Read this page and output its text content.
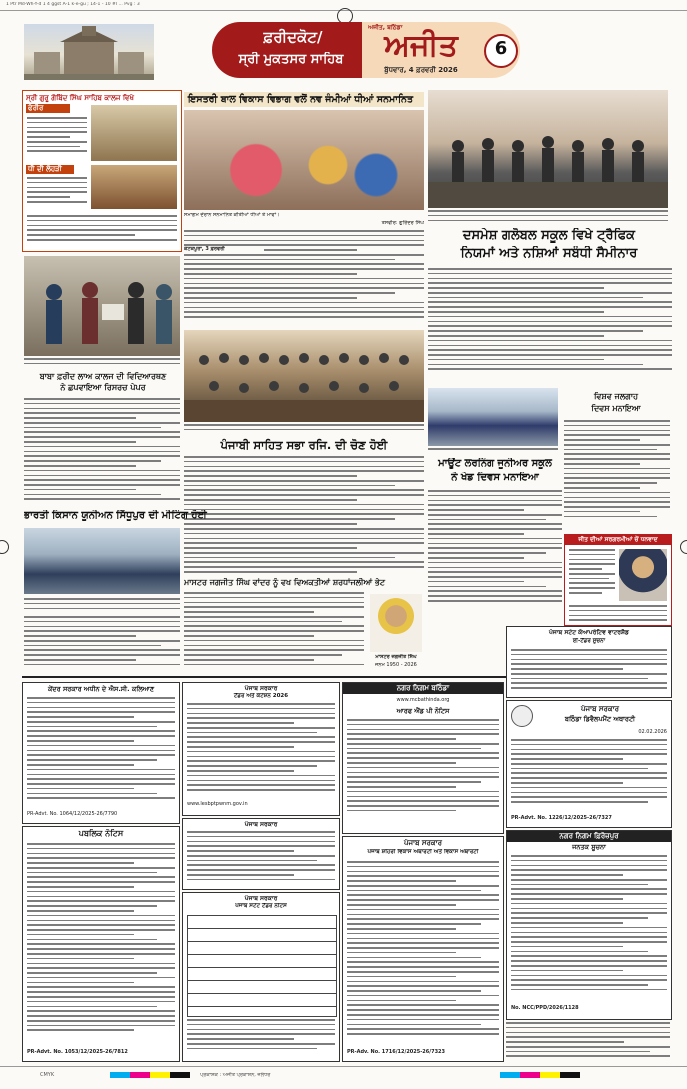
1 Ptr Md-Wh-Y-d 1 4 ggst A-1 k-e-gu ; 14-1 - 10 #l ... Pvg : 3
ਫ਼ਰੀਦਕੋਟ/
ਸ੍ਰੀ ਮੁਕਤਸਰ ਸਾਹਿਬ
ਅਜੀਤ, ਬਠਿੰਡਾ
ਅਜੀਤ
ਬੁੱਧਵਾਰ, 4 ਫ਼ਰਵਰੀ 2026
6
ਸ੍ਰੀ ਗੁਰੂ ਗੋਬਿੰਦ ਸਿੰਘ ਸਾਹਿਬ ਕਾਲਜ ਵਿਖੇ
ਫੇਰੀਰ
ਧੀ ਦੀ ਲੋਹੜੀ
ਇਸਤਰੀ ਬਾਲ ਵਿਕਾਸ ਵਿਭਾਗ ਵਲੋਂ ਨਵ ਜੰਮੀਆਂ ਧੀਆਂ ਸਨਮਾਨਿਤ
ਸਮਾਗਮ ਦੌਰਾਨ ਸਨਮਾਨਿਤ ਕੀਤੀਆਂ ਧੀਆਂ ਤੇ ਮਾਵਾਂ।
ਤਸਵੀਰ: ਗੁਰਿੰਦਰ ਸਿੰਘ
ਦਸਮੇਸ਼ ਗਲੋਬਲ ਸਕੂਲ ਵਿਖੇ ਟ੍ਰੈਫਿਕ
ਨਿਯਮਾਂ ਅਤੇ ਨਸ਼ਿਆਂ ਸਬੰਧੀ ਸੈਮੀਨਾਰ
ਬਾਬਾ ਫ਼ਰੀਦ ਲਾਅ ਕਾਲਜ ਦੀ ਵਿਦਿਆਰਥਣ
ਨੇ ਛਪਵਾਇਆ ਰਿਸਰਚ ਪੇਪਰ
ਪੰਜਾਬੀ ਸਾਹਿਤ ਸਭਾ ਰਜਿ. ਦੀ ਚੋਣ ਹੋਈ
ਵਿਸ਼ਵ ਜਲਗਾਹ
ਦਿਵਸ ਮਨਾਇਆ
ਮਾਊਂਟ ਲਰਨਿੰਗ ਜੂਨੀਅਰ ਸਕੂਲ
ਨੇ ਖੇਡ ਦਿਵਸ ਮਨਾਇਆ
ਜੀਤ ਦੀਆਂ ਸਰਗਰਮੀਆਂ ਚੋਂ ਧਨਵਾਦ
ਭਾਰਤੀ ਕਿਸਾਨ ਯੂਨੀਅਨ ਸਿੱਧੂਪੁਰ ਦੀ ਮੀਟਿੰਗ ਹੋਈ
ਮਾਸਟਰ ਜਗਜੀਤ ਸਿੰਘ ਵਾਂਦਰ ਨੂੰ ਵਖ ਵਿਅਕਤੀਆਂ ਸ਼ਰਧਾਂਜਲੀਆਂ ਭੇਟ
ਮਾਸਟਰ ਜਗਜੀਤ ਸਿੰਘ
ਜਨਮ 1950 - 2026
ਕੇਂਦਰ ਸਰਕਾਰ ਅਧੀਨ ਦੇ ਐਸ.ਸੀ. ਕਲਿਆਣ
PR-Advt. No. 1064/12/2025-26/7790
ਪਬਲਿਕ ਨੋਟਿਸ
PR-Advt. No. 1053/12/2025-26/7812
ਪੰਜਾਬ ਸਰਕਾਰ
ਟੈਂਡਰ ਅਤੇ ਕੋਟੇਸ਼ਨ 2026
www.lesbptpwnm.gov.in
ਪੰਜਾਬ ਸਰਕਾਰ
ਪੰਜਾਬ ਸਰਕਾਰ
ਪੰਜਾਬ ਸਟੇਟ ਟੈਂਡਰ ਨੋਟਿਸ
ਨਗਰ ਨਿਗਮ ਬਠਿੰਡਾ
www.mcbathinda.org
ਆਰਫ ਐਂਡ ਪੀ ਨੋਟਿਸ
ਪੰਜਾਬ ਸਰਕਾਰ
ਪੰਜਾਬ ਸ਼ਹਿਰੀ ਵਿਕਾਸ ਅਥਾਰਟੀ ਅਤੇ ਵਿਕਾਸ ਅਥਾਰਟੀ
PR-Adv. No. 1716/12/2025-26/7323
ਪੰਜਾਬ ਸਟੇਟ ਕੋਆਪਰੇਟਿਵ ਵਾਟਰਸ਼ੈਡ
ਈ-ਟੈਂਡਰ ਸੂਚਨਾ
ਪੰਜਾਬ ਸਰਕਾਰ
ਬਠਿੰਡਾ ਡਿਵੈਲਪਮੈਂਟ ਅਥਾਰਟੀ
02.02.2026
PR-Advt. No. 1226/12/2025-26/7327
ਨਗਰ ਨਿਗਮ ਫ਼ਿਰੋਜ਼ਪੁਰ
ਜਨਤਕ ਸੂਚਨਾ
No. NCC/PPD/2026/1128
CMYK	ਪ੍ਰਕਾਸ਼ਕ : ਅਜੀਤ ਪ੍ਰਕਾਸ਼ਨ, ਜਲੰਧਰ
ਕੋਟਕਪੂਰਾ, 3 ਫ਼ਰਵਰੀ
